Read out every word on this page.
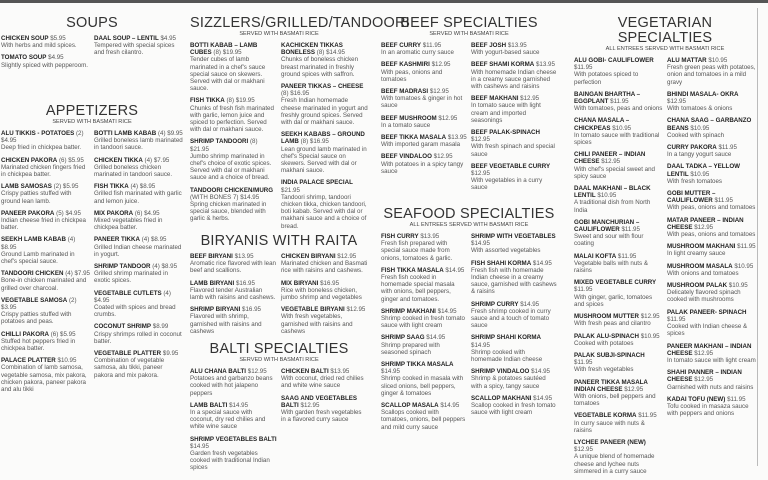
SOUPS
CHICKEN SOUP $5.95
With herbs and mild spices.
TOMATO SOUP $4.95
Slightly spiced with pepperoom.
DAAL SOUP – LENTIL $4.95
Tempered with special spices and fresh cilantro.
APPETIZERS
SERVED WITH BASMATI RICE
ALU TIKKIS - POTATOES (2) $4.95
Deep fried in chickpea batter.
CHICKEN PAKORA (6) $5.95
Marinated chicken fingers fried in chickpea batter.
LAMB SAMOSAS (2) $5.95
Crispy patties stuffed with ground lean lamb.
PANEER PAKORA (5) $4.95
Indian cheese fried in chickpea batter.
SEEKH LAMB KABAB (4) $8.95
Ground Lamb marinated in chef's special sauce.
TANDOORI CHICKEN (4) $7.95
Bone-in chicken marinated and grilled over charcoal.
VEGETABLE SAMOSA (2) $3.95
Crispy patties stuffed with potatoes and peas.
CHILLI PAKORA (6) $5.95
Stuffed hot peppers fried in chickpea batter.
PALACE PLATTER $10.95
Combination of lamb samosa, vegetable samosa, mix pakora, chicken pakora, paneer pakora and alu tikki
BOTTI LAMB KABAB (4) $9.95
Grilled boneless lamb marinated in tandoori sauce.
CHICKEN TIKKA (4) $7.95
Grilled boneless chicken marinated in tandoori sauce.
FISH TIKKA (4) $8.95
Grilled fish marinated with garlic and lemon juice.
MIX PAKORA (6) $4.95
Mixed vegetables fried in chickpea batter.
PANEER TIKKA (4) $8.95
Grilled Indian cheese marinated in yogurt.
SHRIMP TANDOOR (4) $8.95
Grilled shrimp marinated in exotic spices.
VEGETABLE CUTLETS (4) $4.95
Coated with spices and bread crumbs.
COCONUT SHRIMP $8.99
Crispy shrimps rolled in coconut batter.
VEGETABLE PLATTER $9.95
Combination of vegetable samosa, alu tikki, paneer pakora and mix pakora.
SIZZLERS/GRILLED/TANDOORI
SERVED WITH BASMATI RICE
BOTTI KABAB – LAMB CUBES (8) $19.95
Tender cubes of lamb marinated in a chef's sauce special sauce on skewers. Served with dal or makhani sauce.
FISH TIKKA (8) $19.95
Chunks of fresh fish marinated with garlic, lemon juice and spiced to perfection. Served with dal or makhani sauce.
SHRIMP TANDOORI (8) $21.95
Jumbo shrimp marinated in chef's choice of exotic spices. Served with dal or makhani sauce and a choice of bread.
TANDOORI CHICKEN/MURG (WITH BONES 7) $14.95
Spring chicken marinated in special sauce, blended with garlic & herbs.
KACHICKEN TIKKAS BONELESS (8) $14.95
Chunks of boneless chicken breast marinated in freshly ground spices with saffron.
PANEER TIKKAS – CHEESE (8) $16.95
Fresh Indian homemade cheese marinated in yogurt and freshly ground spices. Served with dal or makhani sauce.
SEEKH KABABS – GROUND LAMB (8) $16.95
Lean ground lamb marinated in chef's Special sauce on skewers. Served with dal or makhani sauce.
INDIA PALACE SPECIAL $21.95
Tandoori shrimp, tandoori chicken tikka, chicken tandoori, boti kabab. Served with dal or makhani sauce and a choice of bread.
BIRYANIS WITH RAITA
BEEF BIRYANI $13.95
Aromatic rice flavored with lean beef and scallions.
LAMB BIRYANI $16.95
Flavored tender Australian lamb with raisins and cashews.
SHRIMP BIRYANI $16.95
Flavored with shrimp, garnished with raisins and cashews
CHICKEN BIRYANI $12.95
Marinated chicken and Basmati rice with raisins and cashews.
MIX BIRYANI $16.95
Rice with boneless chicken, jumbo shrimp and vegetables
VEGETABLE BIRYANI $12.95
With fresh vegetables, garnished with raisins and cashews
BALTI SPECIALTIES
SERVED WITH BASMATI RICE
ALU CHANA BALTI $12.95
Potatoes and garbanzo beans cooked with hot jalapeno peppers
LAMB BALTI $14.95
In a special sauce with coconut, dry red chilies and white wine sauce
SHRIMP VEGETABLES BALTI $14.95
Garden fresh vegetables cooked with traditional Indian spices
CHICKEN BALTI $13.95
With coconut, dried red chilies and white wine sauce
SAAG AND VEGETABLES BALTI $12.95
With garden fresh vegetables in a flavored curry sauce
BEEF SPECIALTIES
SERVED WITH BASMATI RICE
BEEF CURRY $11.95
In an aromatic curry sauce
BEEF KASHMIRI $12.95
With peas, onions and tomatoes
BEEF MADRASI $12.95
With tomatoes & ginger in hot sauce
BEEF MUSHROOM $12.95
In a tomato sauce
BEEF TIKKA MASALA $13.95
With imported garam masala
BEEF VINDALOO $12.95
With potatoes in a spicy tangy sauce
BEEF JOSH $13.95
With yogurt-based sauce
BEEF SHAMI KORMA $13.95
With homemade Indian cheese in a creamy sauce garnished with cashews and raisins
BEEF MAKHANI $12.95
In tomato sauce with light cream and imported seasonings
BEEF PALAK-SPINACH $12.95
With fresh spinach and special sauce
BEEF VEGETABLE CURRY $12.95
With vegetables in a curry sauce
SEAFOOD SPECIALTIES
ALL ENTREES SERVED WITH BASMATI RICE
FISH CURRY $13.95
Fresh fish prepared with special sauce made from onions, tomatoes & garlic.
FISH TIKKA MASALA $14.95
Fresh fish cooked in homemade special masala with onions, bell peppers, ginger and tomatoes.
SHRIMP MAKHANI $14.95
Shrimp cooked in fresh tomato sauce with light cream
SHRIMP SAAG $14.95
Shrimp prepared with seasoned spinach
SHRIMP TIKKA MASALA $14.95
Shrimp cooked in masala with sliced onions, bell peppers, ginger & tomatoes
SCALLOP MASALA $14.95
Scallops cooked with tomatoes, onions, bell peppers and mild curry sauce
SHRIMP WITH VEGETABLES $14.95
With assorted vegetables
FISH SHAHI KORMA $14.95
Fresh fish with homemade Indian cheese in a creamy sauce, garnished with cashews & raisins
SHRIMP CURRY $14.95
Fresh shrimp cooked in curry sauce and a touch of tomato sauce
SHRIMP SHAHI KORMA $14.95
Shrimp cooked with homemade Indian cheese
SHRIMP VINDALOO $14.95
Shrimp & potatoes sautéed with a spicy, tangy sauce
SCALLOP MAKHANI $14.95
Scallop cooked in fresh tomato sauce with light cream
VEGETARIAN SPECIALTIES
ALL ENTREES SERVED WITH BASMATI RICE
ALU GOBI- CAULIFLOWER $11.95
With potatoes spiced to perfection
BAINGAN BHARTHA – EGGPLANT $11.95
With tomatoes, peas and onions
CHANA MASALA – CHICKPEAS $10.95
In tomato sauce with traditional spices
CHILI PANEER – INDIAN CHEESE $12.95
With chef's special sweet and spicy sauce
DAAL MAKHANI – BLACK LENTIL $10.95
A traditional dish from North India
GOBI MANCHURIAN – CAULIFLOWER $11.95
Sweet and sour with flour coating
MALAI KOFTA $11.95
Vegetable balls with nuts & raisins
MIXED VEGETABLE CURRY $11.95
With ginger, garlic, tomatoes and spices
MUSHROOM MUTTER $12.95
With fresh peas and cilantro
PALAK ALU-SPINACH $10.95
Cooked with potatoes
PALAK SUBJI-SPINACH $11.95
With fresh vegetables
PANEER TIKKA MASALA INDIAN CHEESE $12.95
With onions, bell peppers and tomatoes
VEGETABLE KORMA $11.95
In curry sauce with nuts & raisins
LYCHEE PANEER (NEW) $12.95
A unique blend of homemade cheese and lychee nuts simmered in a curry sauce
ALU MATTAR $10.95
Fresh green peas with potatoes, onion and tomatoes in a mild gravy
BHINDI MASALA- OKRA $12.95
With tomatoes & onions
CHANA SAAG – GARBANZO BEANS $10.95
Cooked with spinach
CURRY PAKORA $11.95
In a tangy yogurt sauce
DAAL TADKA – YELLOW LENTIL $10.95
With fresh tomatoes
GOBI MUTTER – CAULIFLOWER $11.95
With peas, onions and tomatoes
MATAR PANEER – INDIAN CHEESE $12.95
With peas, onions and tomatoes
MUSHROOM MAKHANI $11.95
In light creamy sauce
MUSHROOM MASALA $10.95
With onions and tomatoes
MUSHROOM PALAK $10.95
Delicately flavored spinach cooked with mushrooms
PALAK PANEER- SPINACH $11.95
Cooked with Indian cheese & spices
PANEER MAKHANI – INDIAN CHEESE $12.95
In tomato sauce with light cream
SHAHI PANNER – INDIAN CHEESE $12.95
Garnished with nuts and raisins
KADAI TOFU (NEW) $11.95
Tofu cooked in masaza sauce with peppers and onions
